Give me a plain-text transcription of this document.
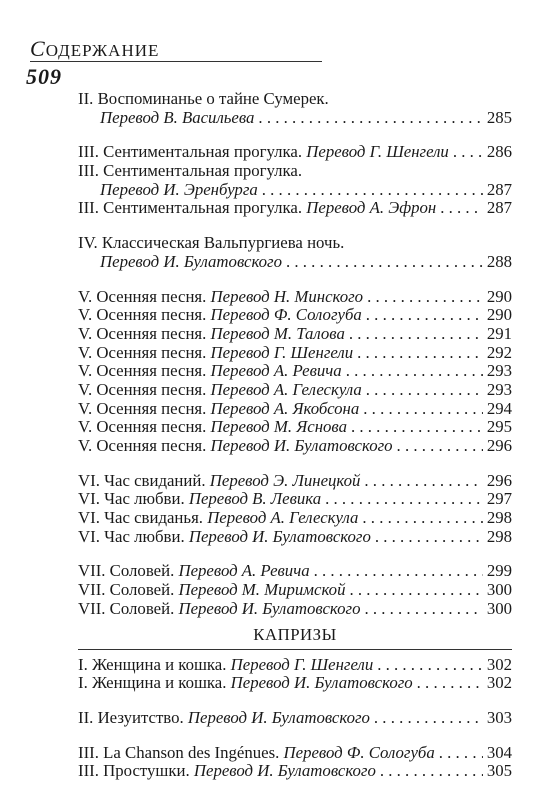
СОДЕРЖАНИЕ
509
II. Воспоминанье о тайне Сумерек.
Перевод В. Васильева . . .	285
III. Сентиментальная прогулка. Перевод Г. Шенгели . . . 286
III. Сентиментальная прогулка.
Перевод И. Эренбурга . . .	287
III. Сентиментальная прогулка. Перевод А. Эфрон . . .	287
IV. Классическая Вальпургиева ночь.
Перевод И. Булатовского . . .	288
V. Осенняя песня. Перевод Н. Минского . . .	290
V. Осенняя песня. Перевод Ф. Сологуба . . .	290
V. Осенняя песня. Перевод М. Талова . . .	291
V. Осенняя песня. Перевод Г. Шенгели . . .	292
V. Осенняя песня. Перевод А. Ревича . . .	293
V. Осенняя песня. Перевод А. Гелескула . . .	293
V. Осенняя песня. Перевод А. Якобсона . . .	294
V. Осенняя песня. Перевод М. Яснова . . .	295
V. Осенняя песня. Перевод И. Булатовского . . .	296
VI. Час свиданий. Перевод Э. Линецкой . . .	296
VI. Час любви. Перевод В. Левика . . .	297
VI. Час свиданья. Перевод А. Гелескула . . .	298
VI. Час любви. Перевод И. Булатовского . . .	298
VII. Соловей. Перевод А. Ревича . . .	299
VII. Соловей. Перевод М. Миримской . . .	300
VII. Соловей. Перевод И. Булатовского . . .	300
КАПРИЗЫ
I. Женщина и кошка. Перевод Г. Шенгели . . .	302
I. Женщина и кошка. Перевод И. Булатовского . . .	302
II. Иезуитство. Перевод И. Булатовского . . .	303
III. La Chanson des Ingénues. Перевод Ф. Сологуба . . .	304
III. Простушки. Перевод И. Булатовского . . .	305
